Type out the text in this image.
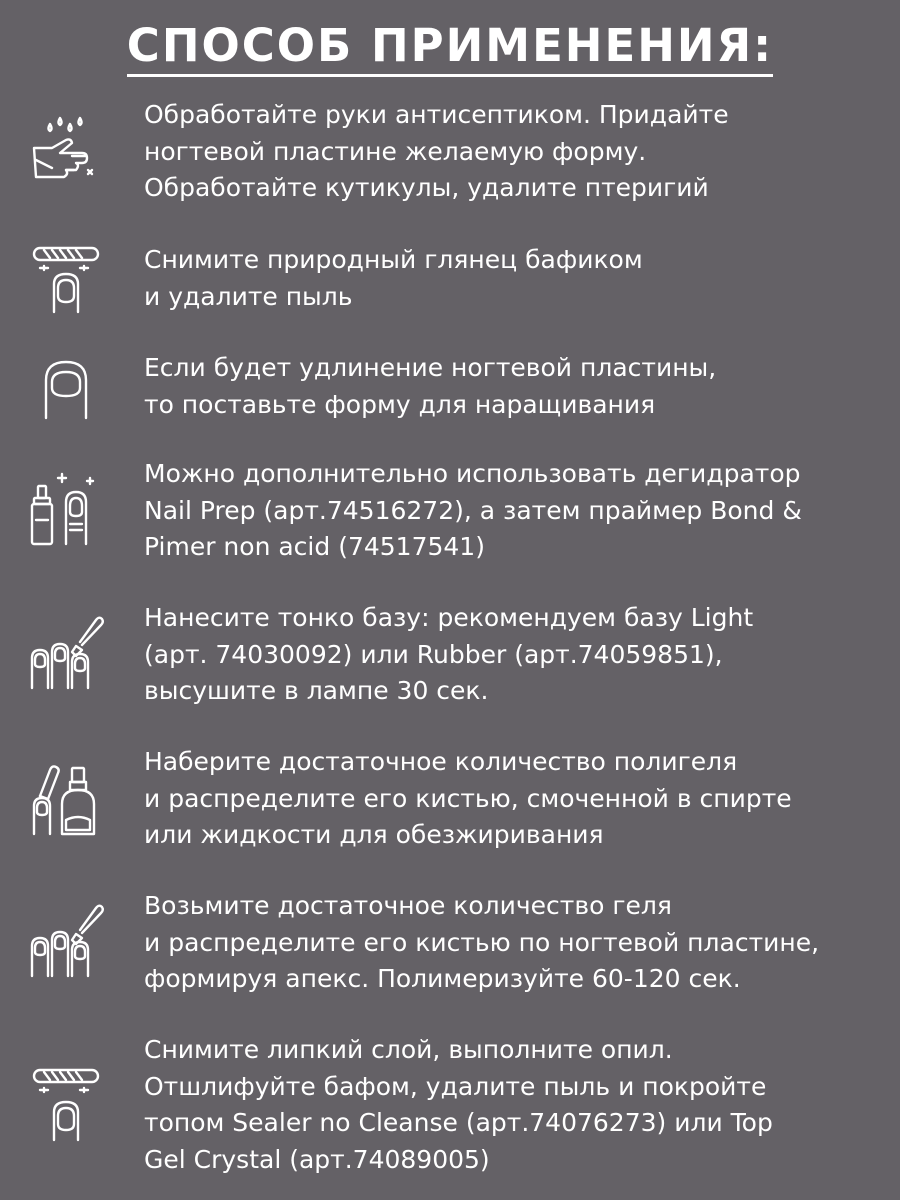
СПОСОБ ПРИМЕНЕНИЯ:
Обработайте руки антисептиком. Придайте
ногтевой пластине желаемую форму.
Обработайте кутикулы, удалите птеригий
Снимите природный глянец бафиком
и удалите пыль
Если будет удлинение ногтевой пластины,
то поставьте форму для наращивания
Можно дополнительно использовать дегидратор
Nail Prep (арт.74516272), а затем праймер Bond &
Pimer non acid (74517541)
Нанесите тонко базу: рекомендуем базу Light
(арт. 74030092) или Rubber (арт.74059851),
высушите в лампе 30 сек.
Наберите достаточное количество полигеля
и распределите его кистью, смоченной в спирте
или жидкости для обезжиривания
Возьмите достаточное количество геля
и распределите его кистью по ногтевой пластине,
формируя апекс. Полимеризуйте 60-120 сек.
Снимите липкий слой, выполните опил.
Отшлифуйте бафом, удалите пыль и покройте
топом Sealer no Cleanse (арт.74076273) или Top
Gel Crystal (арт.74089005)
